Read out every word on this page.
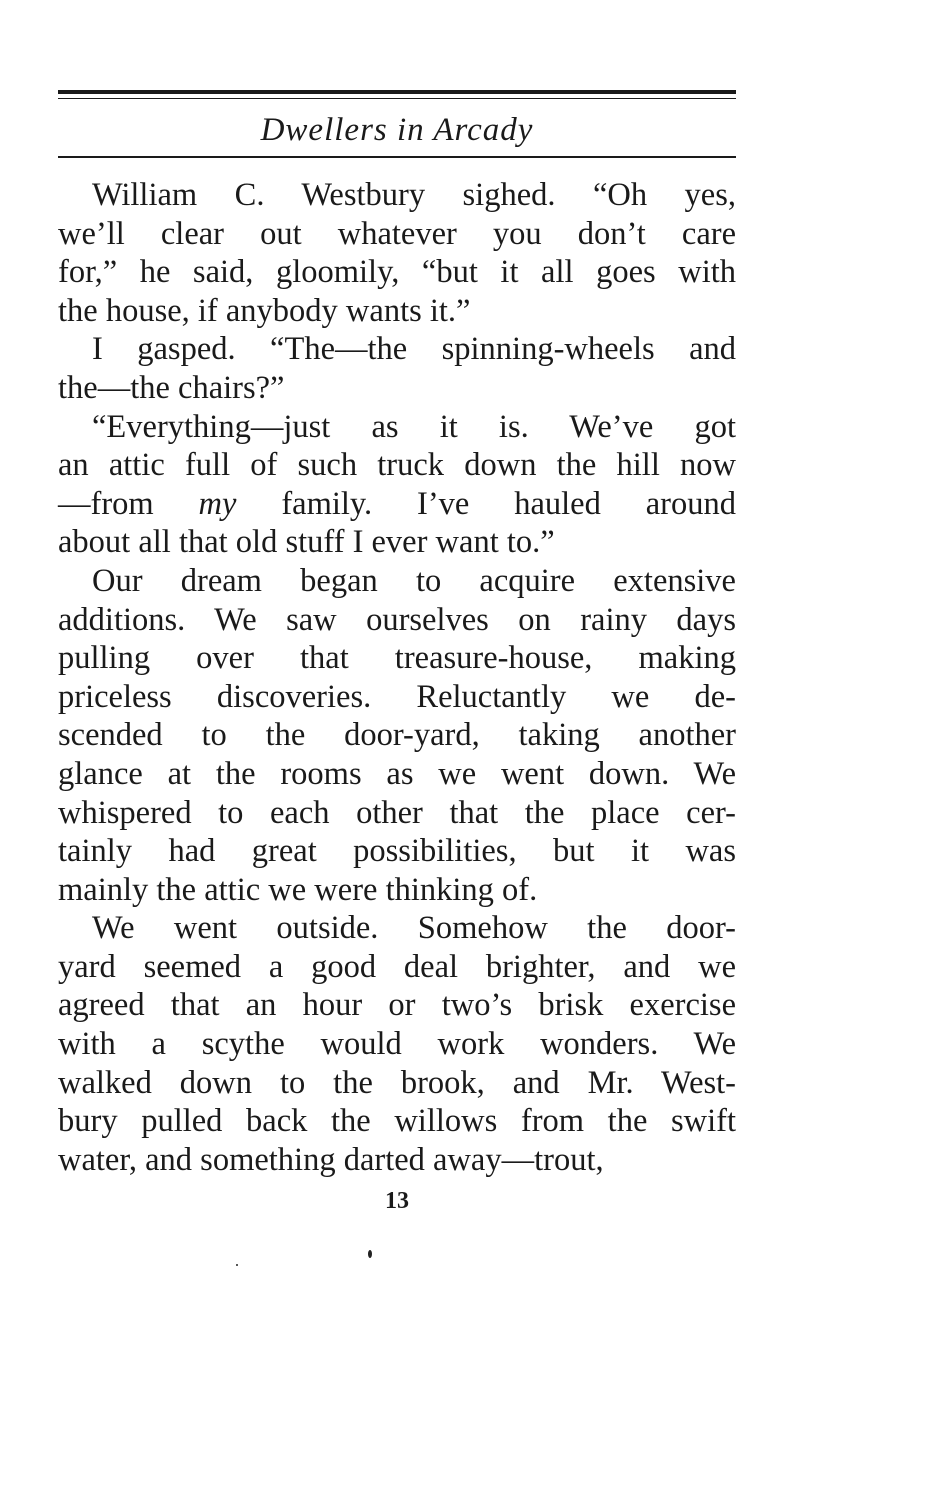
Dwellers in Arcady
William C. Westbury sighed. “Oh yes,
we’ll clear out whatever you don’t care
for,” he said, gloomily, “but it all goes with
the house, if anybody wants it.”
I gasped. “The—the spinning-wheels and
the—the chairs?”
“Everything—just as it is. We’ve got
an attic full of such truck down the hill now
—from my family. I’ve hauled around
about all that old stuff I ever want to.”
Our dream began to acquire extensive
additions. We saw ourselves on rainy days
pulling over that treasure-house, making
priceless discoveries. Reluctantly we de-
scended to the door-yard, taking another
glance at the rooms as we went down. We
whispered to each other that the place cer-
tainly had great possibilities, but it was
mainly the attic we were thinking of.
We went outside. Somehow the door-
yard seemed a good deal brighter, and we
agreed that an hour or two’s brisk exercise
with a scythe would work wonders. We
walked down to the brook, and Mr. West-
bury pulled back the willows from the swift
water, and something darted away—trout,
13
